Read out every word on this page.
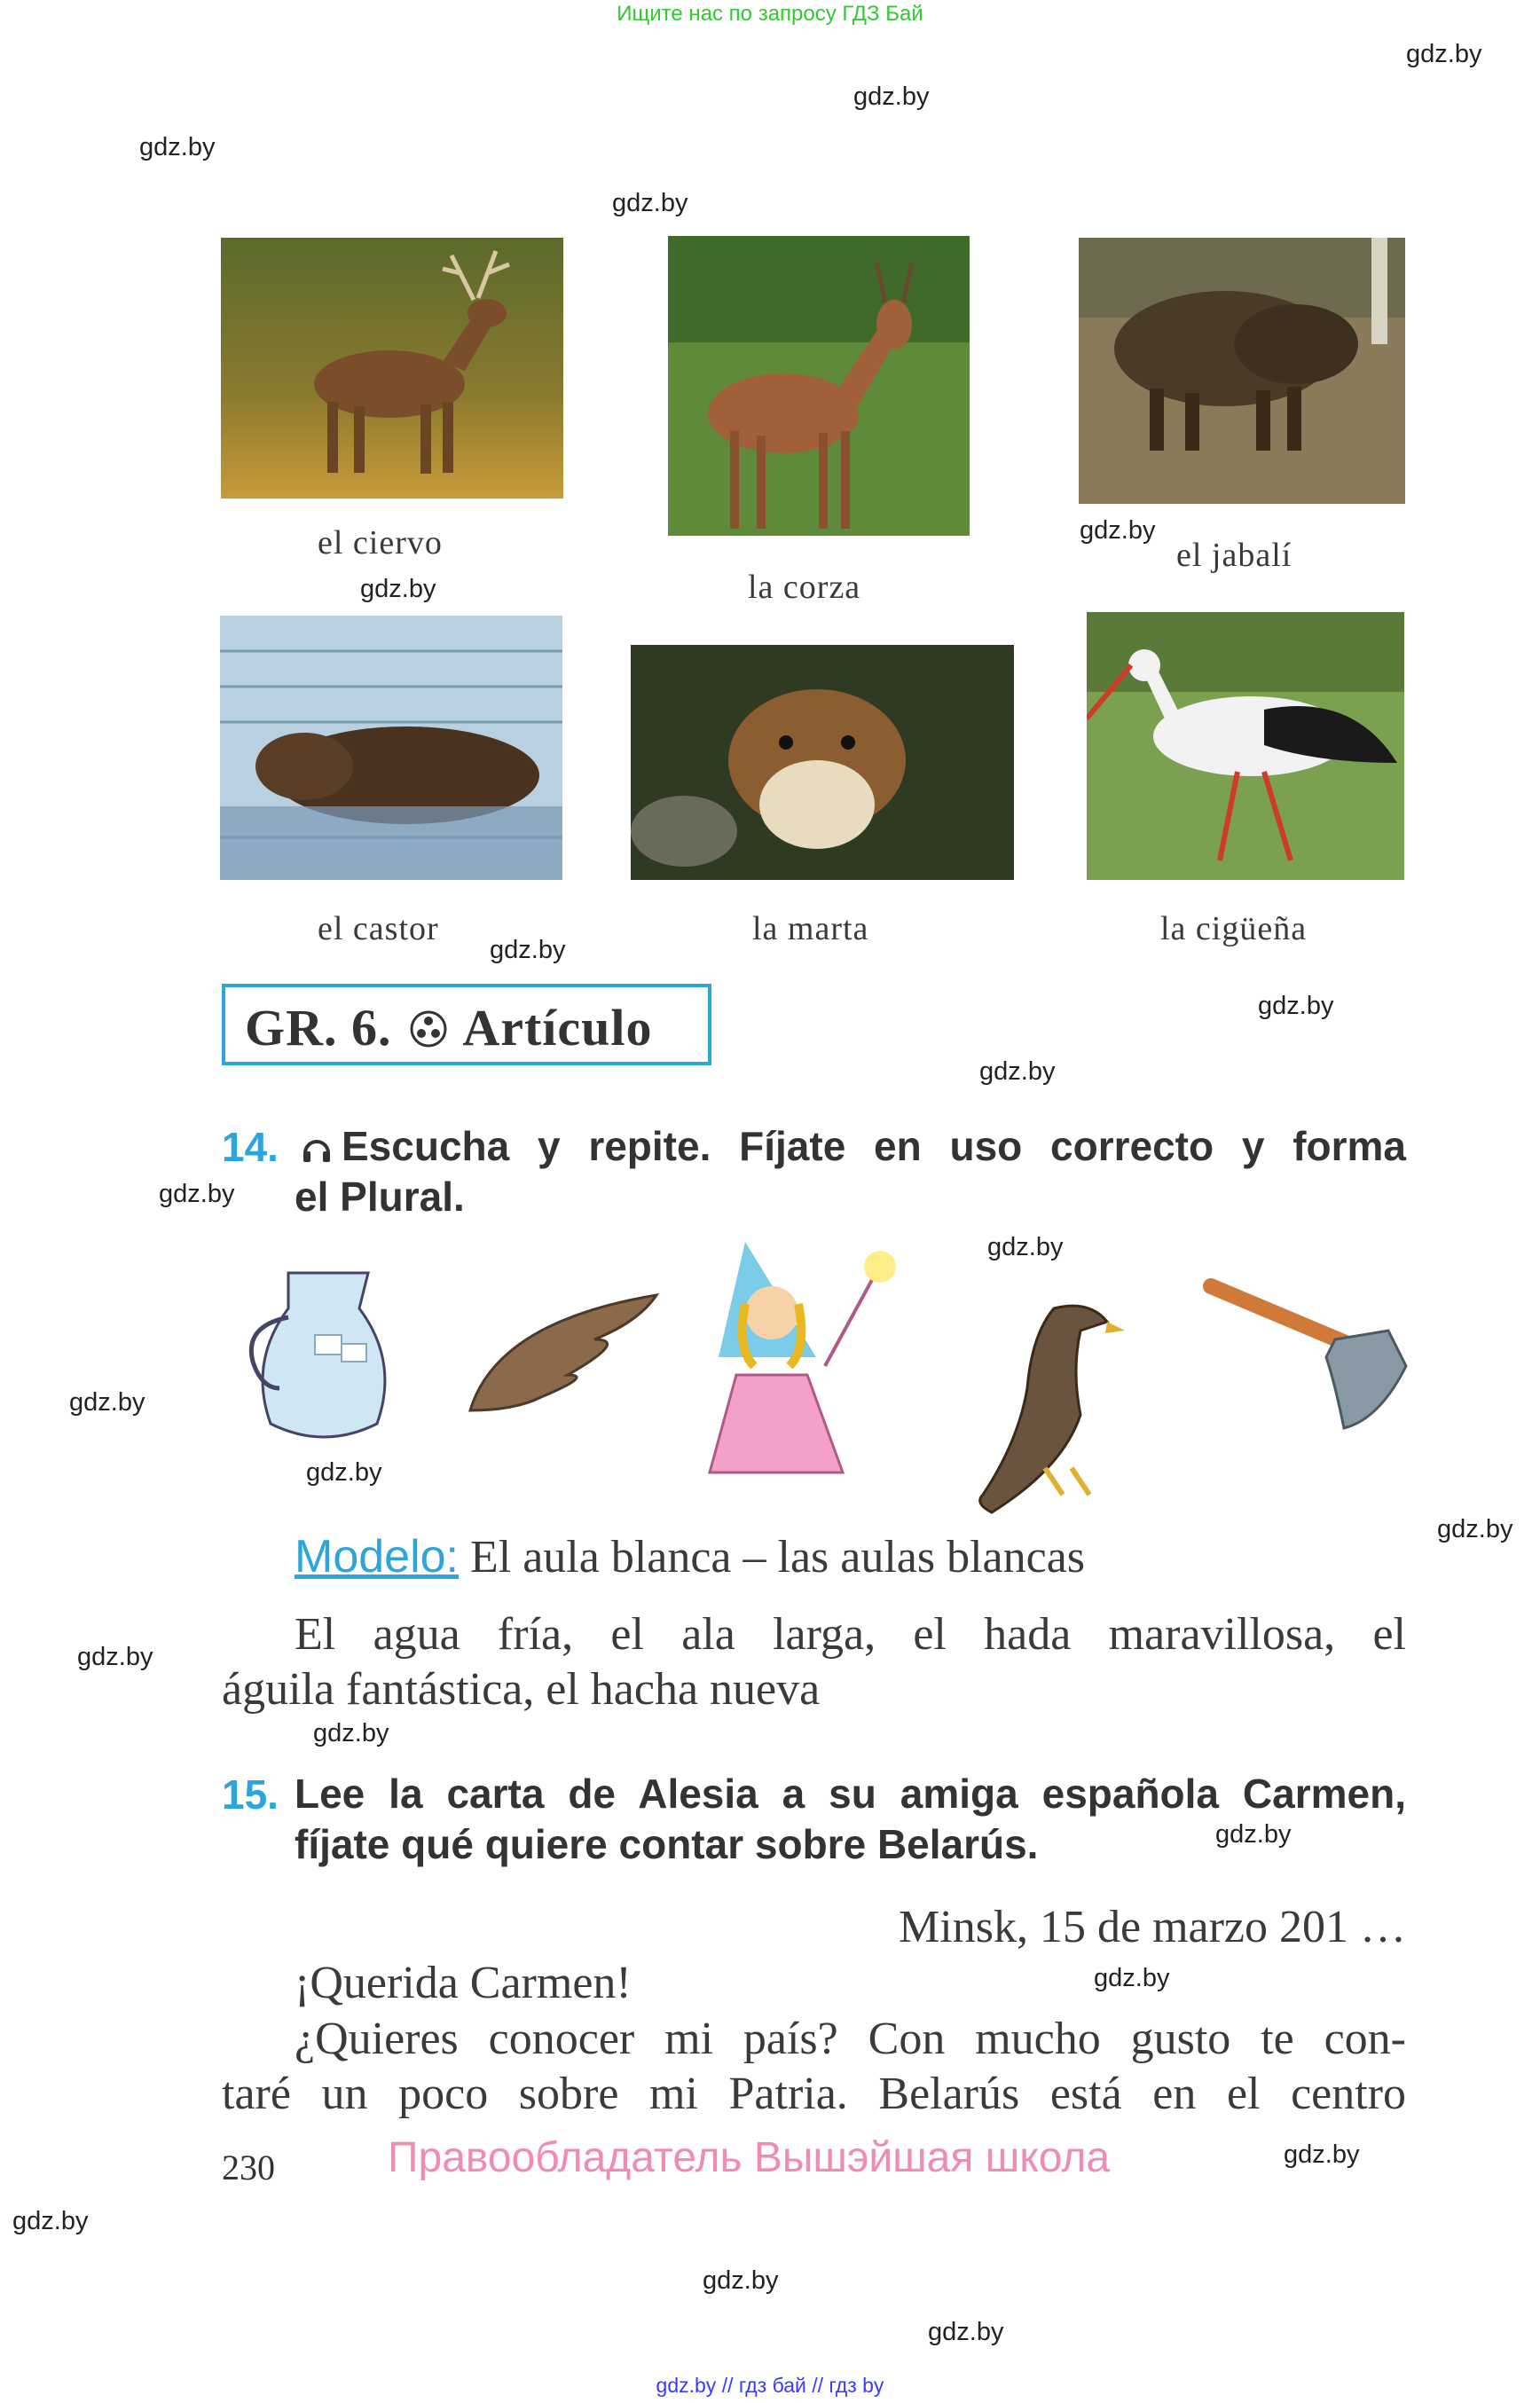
Ищите нас по запросу ГДЗ Бай
gdz.by
gdz.by
gdz.by
gdz.by
gdz.by
gdz.by
gdz.by
gdz.by
gdz.by
gdz.by
gdz.by
gdz.by
gdz.by
gdz.by
gdz.by
gdz.by
gdz.by
gdz.by
gdz.by
gdz.by
gdz.by
gdz.by
el ciervo
la corza
el jabalí
el castor	la marta	la cigüeña
GR. 6. Artículo
14. Escucha y repite. Fíjate en uso correcto y forma
el Plural.
Modelo: El aula blanca – las aulas blancas
El agua fría, el ala larga, el hada maravillosa, el
águila fantástica, el hacha nueva
15. Lee la carta de Alesia a su amiga española Carmen,
fíjate qué quiere contar sobre Belarús.
Minsk, 15 de marzo 201 …
¡Querida Carmen!
¿Quieres conocer mi país? Con mucho gusto te con-
taré un poco sobre mi Patria. Belarús está en el centro
230	Правообладатель Вышэйшая школа
gdz.by // гдз бай // гдз by
